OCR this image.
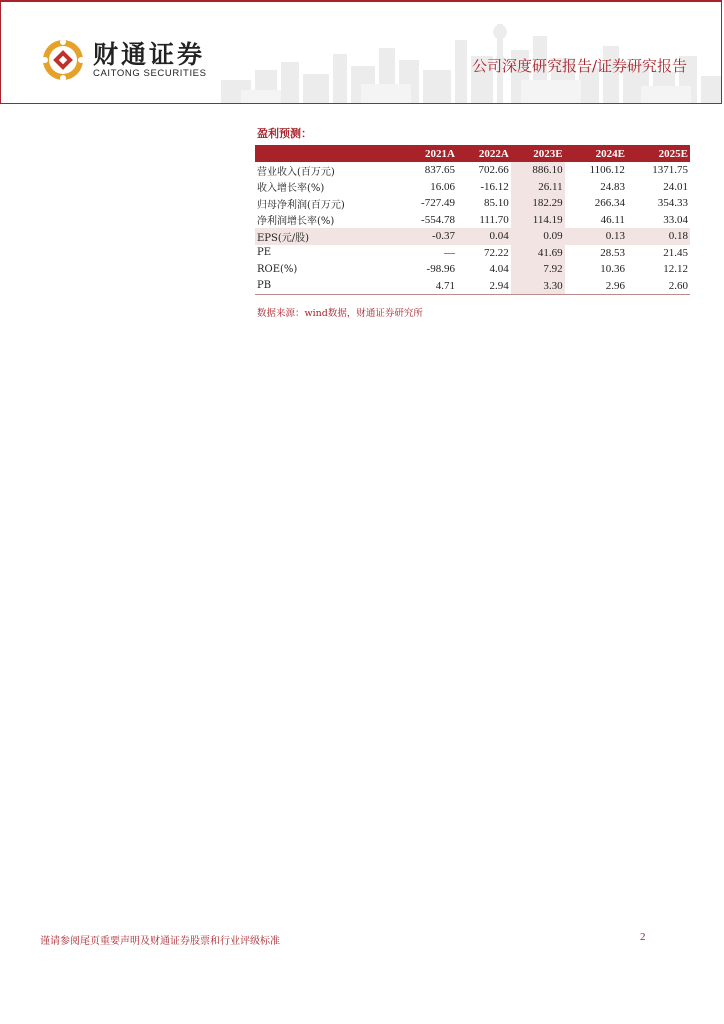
财通证券
CAITONG SECURITIES	公司深度研究报告/证券研究报告
盈利预测：
	2021A	2022A	2023E	2024E	2025E
营业收入(百万元)	837.65	702.66	886.10	1106.12	1371.75
收入增长率(%)	16.06	-16.12	26.11	24.83	24.01
归母净利润(百万元)	-727.49	85.10	182.29	266.34	354.33
净利润增长率(%)	-554.78	111.70	114.19	46.11	33.04
EPS(元/股)	-0.37	0.04	0.09	0.13	0.18
PE	—	72.22	41.69	28.53	21.45
ROE(%)	-98.96	4.04	7.92	10.36	12.12
PB	4.71	2.94	3.30	2.96	2.60
数据来源：wind数据，财通证券研究所
谨请参阅尾页重要声明及财通证券股票和行业评级标准	2
